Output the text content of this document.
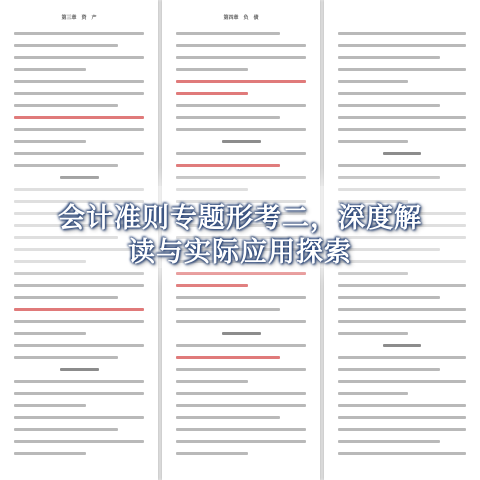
第三章　资　产	第四章　负　债
会计准则专题形考二，深度解
读与实际应用探索
